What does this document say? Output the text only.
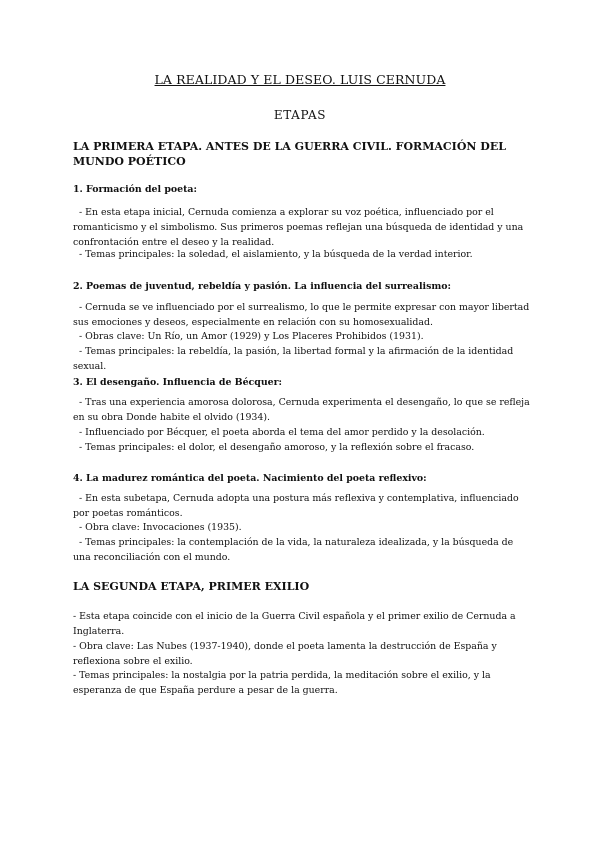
LA REALIDAD Y EL DESEO. LUIS CERNUDA
ETAPAS
LA PRIMERA ETAPA. ANTES DE LA GUERRA CIVIL. FORMACIÓN DEL MUNDO POÉTICO
1. Formación del poeta:
- En esta etapa inicial, Cernuda comienza a explorar su voz poética, influenciado por el romanticismo y el simbolismo. Sus primeros poemas reflejan una búsqueda de identidad y una confrontación entre el deseo y la realidad.
- Temas principales: la soledad, el aislamiento, y la búsqueda de la verdad interior.
2. Poemas de juventud, rebeldía y pasión. La influencia del surrealismo:
- Cernuda se ve influenciado por el surrealismo, lo que le permite expresar con mayor libertad sus emociones y deseos, especialmente en relación con su homosexualidad.
- Obras clave: Un Río, un Amor (1929) y Los Placeres Prohibidos (1931).
- Temas principales: la rebeldía, la pasión, la libertad formal y la afirmación de la identidad sexual.
3. El desengaño. Influencia de Bécquer:
- Tras una experiencia amorosa dolorosa, Cernuda experimenta el desengaño, lo que se refleja en su obra Donde habite el olvido (1934).
- Influenciado por Bécquer, el poeta aborda el tema del amor perdido y la desolación.
- Temas principales: el dolor, el desengaño amoroso, y la reflexión sobre el fracaso.
4. La madurez romántica del poeta. Nacimiento del poeta reflexivo:
- En esta subetapa, Cernuda adopta una postura más reflexiva y contemplativa, influenciado por poetas románticos.
- Obra clave: Invocaciones (1935).
- Temas principales: la contemplación de la vida, la naturaleza idealizada, y la búsqueda de una reconciliación con el mundo.
LA SEGUNDA ETAPA, PRIMER EXILIO
- Esta etapa coincide con el inicio de la Guerra Civil española y el primer exilio de Cernuda a Inglaterra.
- Obra clave: Las Nubes (1937-1940), donde el poeta lamenta la destrucción de España y reflexiona sobre el exilio.
- Temas principales: la nostalgia por la patria perdida, la meditación sobre el exilio, y la esperanza de que España perdure a pesar de la guerra.
